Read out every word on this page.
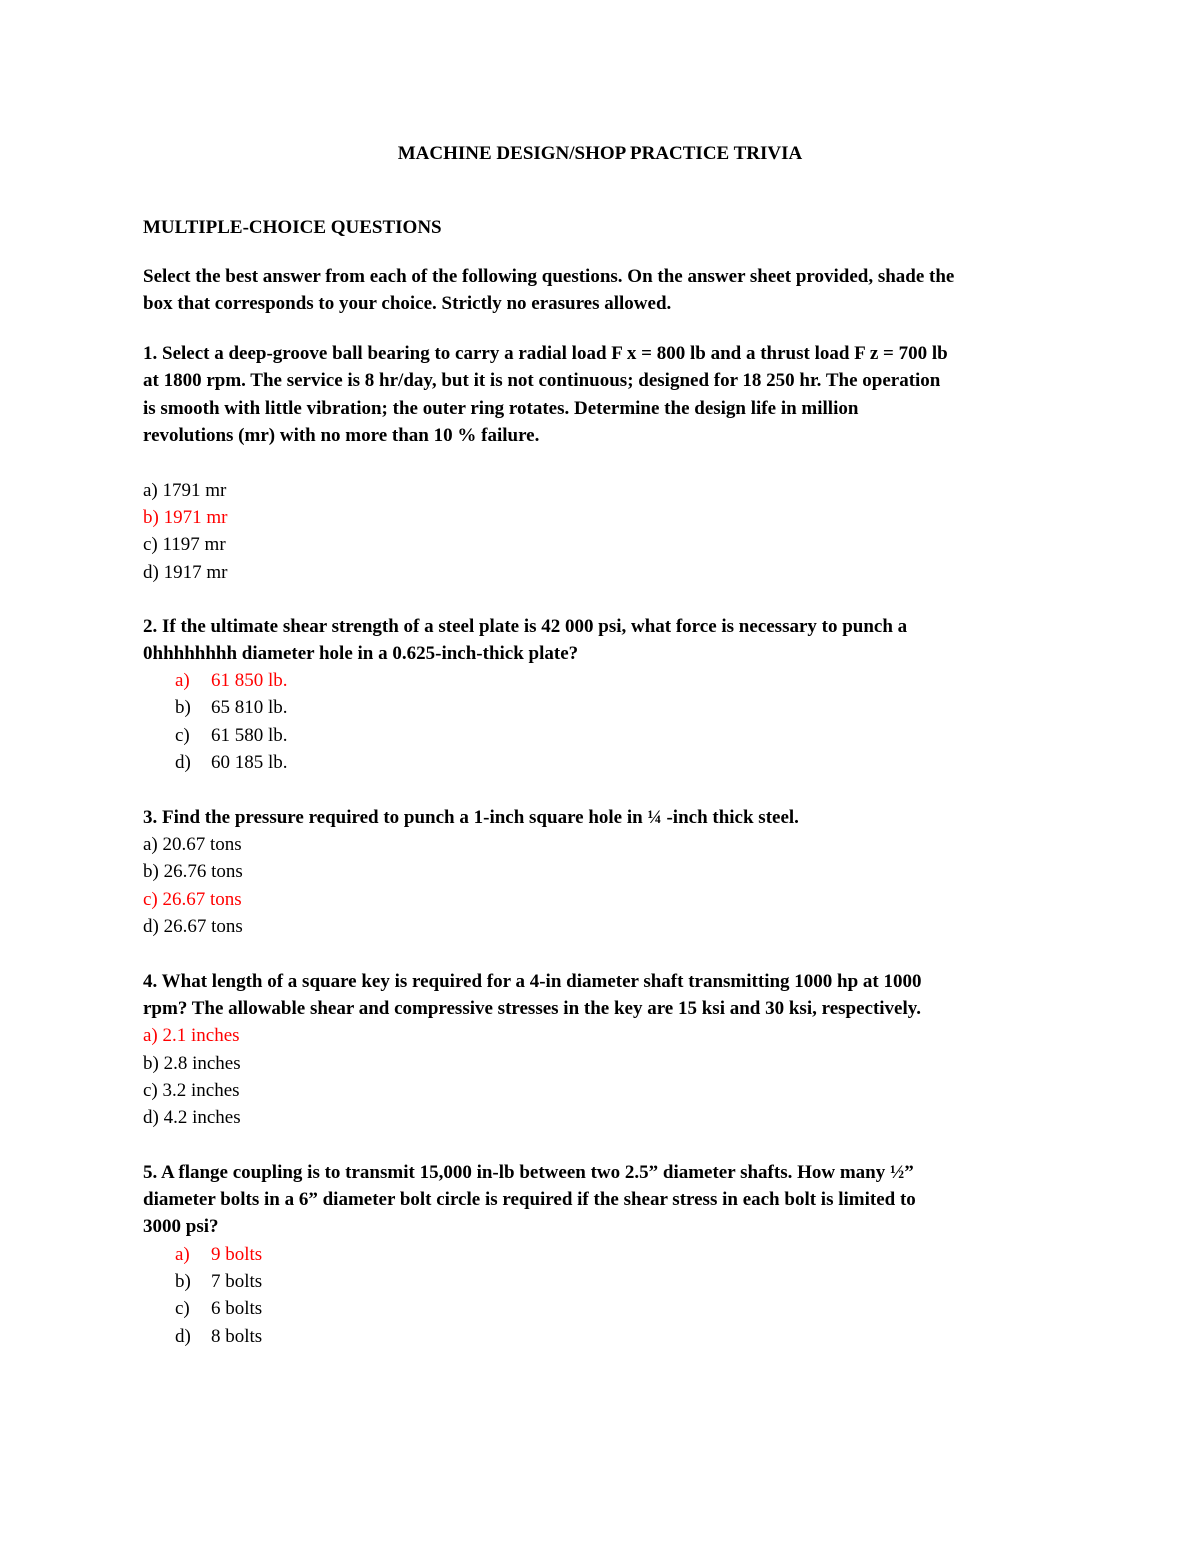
MACHINE DESIGN/SHOP PRACTICE TRIVIA
MULTIPLE-CHOICE QUESTIONS
Select the best answer from each of the following questions. On the answer sheet provided, shade the
box that corresponds to your choice. Strictly no erasures allowed.
1. Select a deep-groove ball bearing to carry a radial load F x = 800 lb and a thrust load F z = 700 lb
at 1800 rpm. The service is 8 hr/day, but it is not continuous; designed for 18 250 hr. The operation
is smooth with little vibration; the outer ring rotates. Determine the design life in million
revolutions (mr) with no more than 10 % failure.
a) 1791 mr
b) 1971 mr
c) 1197 mr
d) 1917 mr
2. If the ultimate shear strength of a steel plate is 42 000 psi, what force is necessary to punch a
0hhhhhhhh diameter hole in a 0.625-inch-thick plate?
a) 61 850 lb.
b) 65 810 lb.
c) 61 580 lb.
d) 60 185 lb.
3. Find the pressure required to punch a 1-inch square hole in ¼ -inch thick steel.
a) 20.67 tons
b) 26.76 tons
c) 26.67 tons
d) 26.67 tons
4. What length of a square key is required for a 4-in diameter shaft transmitting 1000 hp at 1000
rpm? The allowable shear and compressive stresses in the key are 15 ksi and 30 ksi, respectively.
a) 2.1 inches
b) 2.8 inches
c) 3.2 inches
d) 4.2 inches
5. A flange coupling is to transmit 15,000 in-lb between two 2.5” diameter shafts. How many ½”
diameter bolts in a 6” diameter bolt circle is required if the shear stress in each bolt is limited to
3000 psi?
a) 9 bolts
b) 7 bolts
c) 6 bolts
d) 8 bolts
